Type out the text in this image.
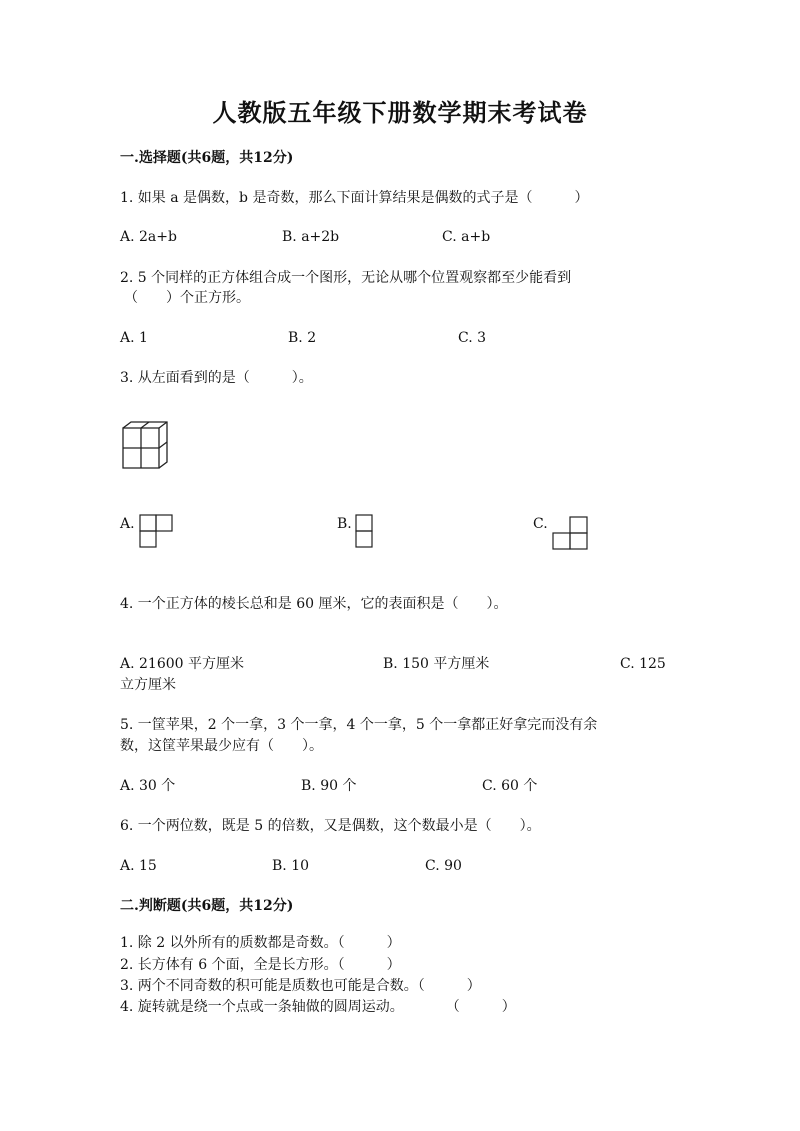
人教版五年级下册数学期末考试卷
一.选择题(共6题，共12分)
1. 如果 a 是偶数，b 是奇数，那么下面计算结果是偶数的式子是（　　　）
A. 2a+b	B. a+2b	C. a+b
2. 5 个同样的正方体组合成一个图形，无论从哪个位置观察都至少能看到
（　　）个正方形。
A. 1	B. 2	C. 3
3. 从左面看到的是（　　　）。
A.	B.	C.
4. 一个正方体的棱长总和是 60 厘米，它的表面积是（　　）。
A. 21600 平方厘米	B. 150 平方厘米	C. 125
立方厘米
5. 一筐苹果，2 个一拿，3 个一拿，4 个一拿，5 个一拿都正好拿完而没有余
数，这筐苹果最少应有（　　）。
A. 30 个	B. 90 个	C. 60 个
6. 一个两位数，既是 5 的倍数，又是偶数，这个数最小是（　　）。
A. 15	B. 10	C. 90
二.判断题(共6题，共12分)
1. 除 2 以外所有的质数都是奇数。（　　　）
2. 长方体有 6 个面，全是长方形。（　　　）
3. 两个不同奇数的积可能是质数也可能是合数。（　　　）
4. 旋转就是绕一个点或一条轴做的圆周运动。　　　　（　　　）
